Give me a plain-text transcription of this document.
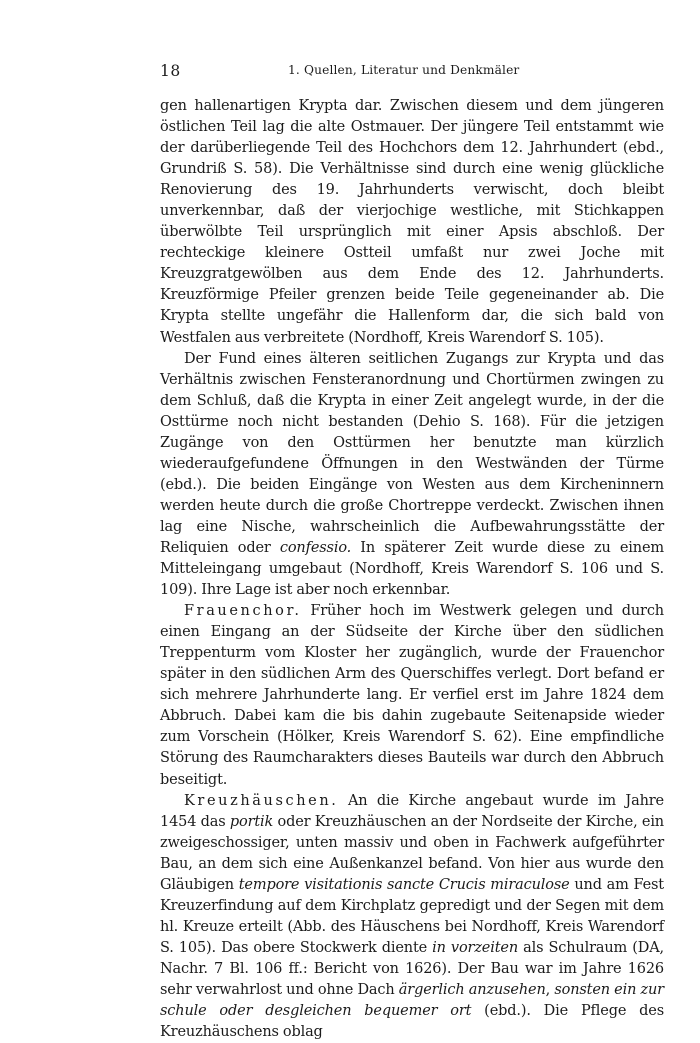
18	1. Quellen, Literatur und Denkmäler

gen hallenartigen Krypta dar. Zwischen diesem und dem jüngeren östlichen Teil lag die alte Ostmauer. Der jüngere Teil entstammt wie der darüberliegende Teil des Hochchors dem 12. Jahrhundert (ebd., Grundriß S. 58). Die Verhältnisse sind durch eine wenig glückliche Renovierung des 19. Jahrhunderts verwischt, doch bleibt unverkennbar, daß der vierjochige westliche, mit Stichkappen überwölbte Teil ursprünglich mit einer Apsis abschloß. Der rechteckige kleinere Ostteil umfaßt nur zwei Joche mit Kreuzgratgewölben aus dem Ende des 12. Jahrhunderts. Kreuzförmige Pfeiler grenzen beide Teile gegeneinander ab. Die Krypta stellte ungefähr die Hallenform dar, die sich bald von Westfalen aus verbreitete (Nordhoff, Kreis Warendorf S. 105).

Der Fund eines älteren seitlichen Zugangs zur Krypta und das Verhältnis zwischen Fensteranordnung und Chortürmen zwingen zu dem Schluß, daß die Krypta in einer Zeit angelegt wurde, in der die Osttürme noch nicht bestanden (Dehio S. 168). Für die jetzigen Zugänge von den Osttürmen her benutzte man kürzlich wiederaufgefundene Öffnungen in den Westwänden der Türme (ebd.). Die beiden Eingänge von Westen aus dem Kircheninnern werden heute durch die große Chortreppe verdeckt. Zwischen ihnen lag eine Nische, wahrscheinlich die Aufbewahrungsstätte der Reliquien oder confessio. In späterer Zeit wurde diese zu einem Mitteleingang umgebaut (Nordhoff, Kreis Warendorf S. 106 und S. 109). Ihre Lage ist aber noch erkennbar.

Frauenchor. Früher hoch im Westwerk gelegen und durch einen Eingang an der Südseite der Kirche über den südlichen Treppenturm vom Kloster her zugänglich, wurde der Frauenchor später in den südlichen Arm des Querschiffes verlegt. Dort befand er sich mehrere Jahrhunderte lang. Er verfiel erst im Jahre 1824 dem Abbruch. Dabei kam die bis dahin zugebaute Seitenapside wieder zum Vorschein (Hölker, Kreis Warendorf S. 62). Eine empfindliche Störung des Raumcharakters dieses Bauteils war durch den Abbruch beseitigt.

Kreuzhäuschen. An die Kirche angebaut wurde im Jahre 1454 das portik oder Kreuzhäuschen an der Nordseite der Kirche, ein zweigeschossiger, unten massiv und oben in Fachwerk aufgeführter Bau, an dem sich eine Außenkanzel befand. Von hier aus wurde den Gläubigen tempore visitationis sancte Crucis miraculose und am Fest Kreuzerfindung auf dem Kirchplatz gepredigt und der Segen mit dem hl. Kreuze erteilt (Abb. des Häuschens bei Nordhoff, Kreis Warendorf S. 105). Das obere Stockwerk diente in vorzeiten als Schulraum (DA, Nachr. 7 Bl. 106 ff.: Bericht von 1626). Der Bau war im Jahre 1626 sehr verwahrlost und ohne Dach ärgerlich anzusehen, sonsten ein zur schule oder desgleichen bequemer ort (ebd.). Die Pflege des Kreuzhäuschens oblag
